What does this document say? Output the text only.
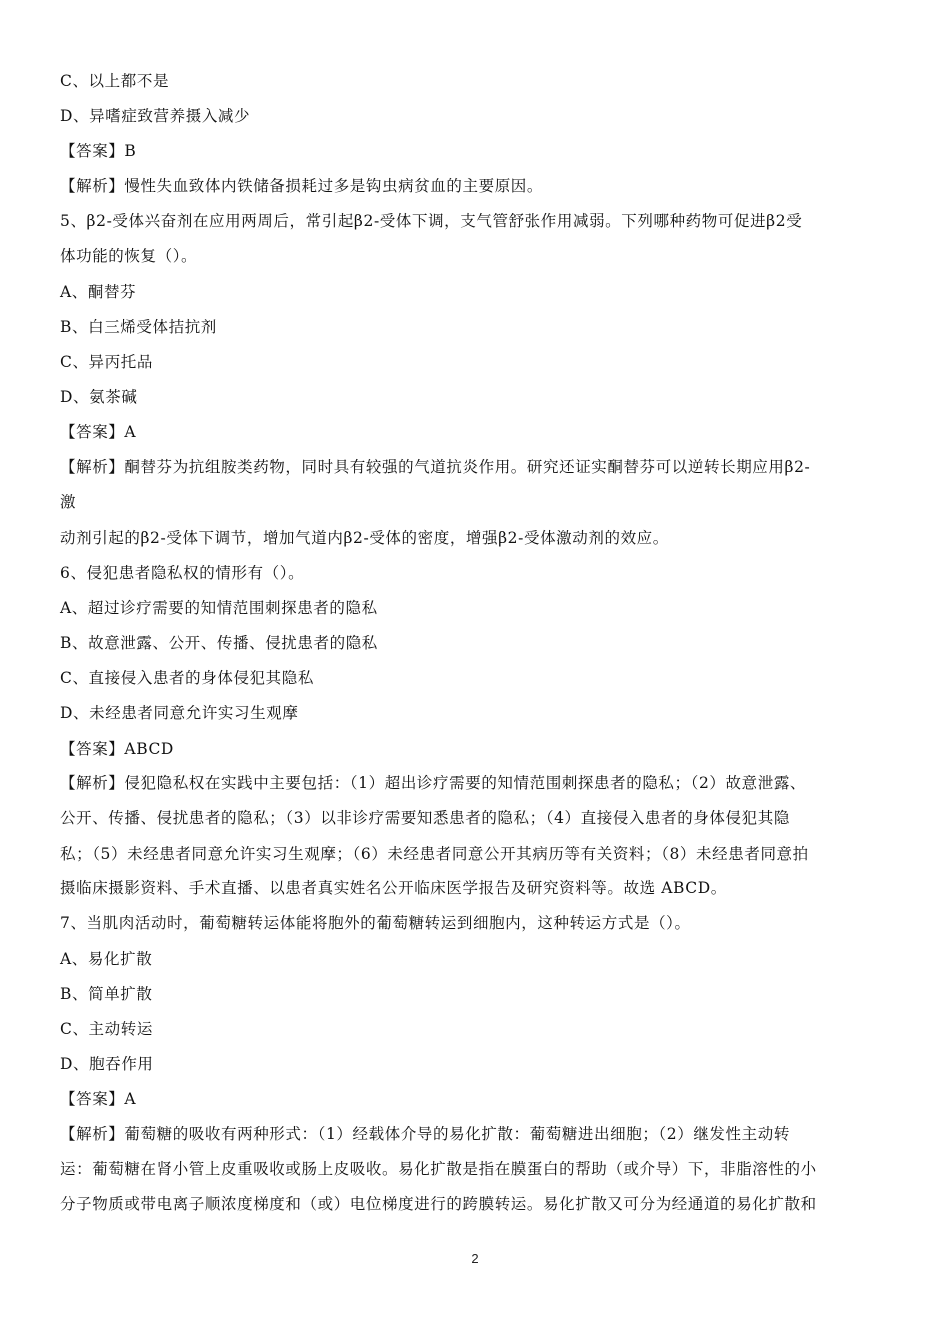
C、以上都不是
D、异嗜症致营养摄入减少
【答案】B
【解析】慢性失血致体内铁储备损耗过多是钩虫病贫血的主要原因。
5、β2-受体兴奋剂在应用两周后，常引起β2-受体下调，支气管舒张作用减弱。下列哪种药物可促进β2受
体功能的恢复（）。
A、酮替芬
B、白三烯受体拮抗剂
C、异丙托品
D、氨茶碱
【答案】A
【解析】酮替芬为抗组胺类药物，同时具有较强的气道抗炎作用。研究还证实酮替芬可以逆转长期应用β2-
激
动剂引起的β2-受体下调节，增加气道内β2-受体的密度，增强β2-受体激动剂的效应。
6、侵犯患者隐私权的情形有（）。
A、超过诊疗需要的知情范围刺探患者的隐私
B、故意泄露、公开、传播、侵扰患者的隐私
C、直接侵入患者的身体侵犯其隐私
D、未经患者同意允许实习生观摩
【答案】ABCD
【解析】侵犯隐私权在实践中主要包括：（1）超出诊疗需要的知情范围刺探患者的隐私；（2）故意泄露、
公开、传播、侵扰患者的隐私；（3）以非诊疗需要知悉患者的隐私；（4）直接侵入患者的身体侵犯其隐
私；（5）未经患者同意允许实习生观摩；（6）未经患者同意公开其病历等有关资料；（8）未经患者同意拍
摄临床摄影资料、手术直播、以患者真实姓名公开临床医学报告及研究资料等。故选 ABCD。
7、当肌肉活动时，葡萄糖转运体能将胞外的葡萄糖转运到细胞内，这种转运方式是（）。
A、易化扩散
B、简单扩散
C、主动转运
D、胞吞作用
【答案】A
【解析】葡萄糖的吸收有两种形式：（1）经载体介导的易化扩散：葡萄糖进出细胞；（2）继发性主动转
运：葡萄糖在肾小管上皮重吸收或肠上皮吸收。易化扩散是指在膜蛋白的帮助（或介导）下，非脂溶性的小
分子物质或带电离子顺浓度梯度和（或）电位梯度进行的跨膜转运。易化扩散又可分为经通道的易化扩散和
2
